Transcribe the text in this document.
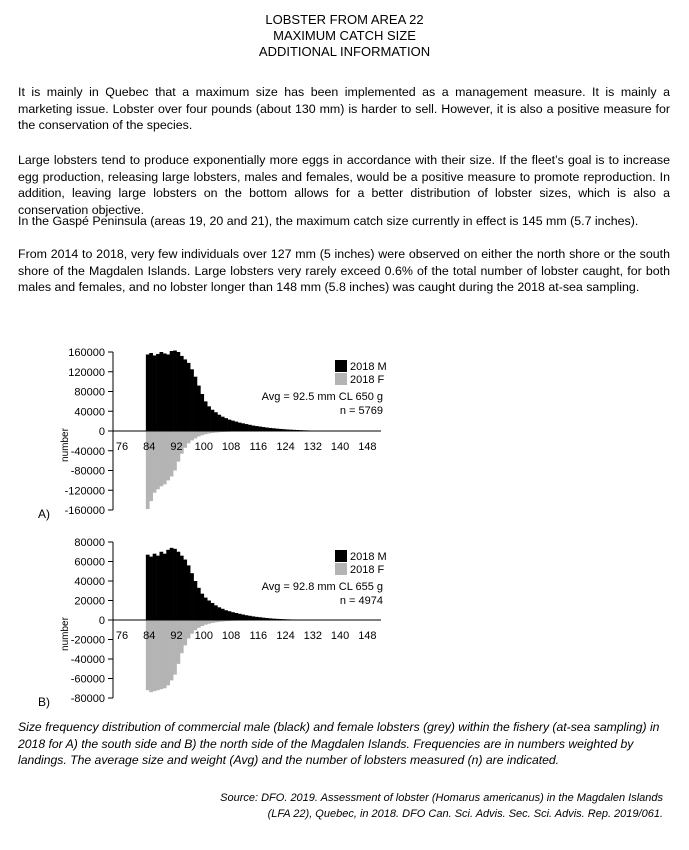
LOBSTER FROM AREA 22
MAXIMUM CATCH SIZE
ADDITIONAL INFORMATION

It is mainly in Quebec that a maximum size has been implemented as a management measure. It is mainly a marketing issue. Lobster over four pounds (about 130 mm) is harder to sell. However, it is also a positive measure for the conservation of the species.

Large lobsters tend to produce exponentially more eggs in accordance with their size. If the fleet’s goal is to increase egg production, releasing large lobsters, males and females, would be a positive measure to promote reproduction. In addition, leaving large lobsters on the bottom allows for a better distribution of lobster sizes, which is also a conservation objective.

In the Gaspé Peninsula (areas 19, 20 and 21), the maximum catch size currently in effect is 145 mm (5.7 inches).

From 2014 to 2018, very few individuals over 127 mm (5 inches) were observed on either the north shore or the south shore of the Magdalen Islands. Large lobsters very rarely exceed 0.6% of the total number of lobster caught, for both males and females, and no lobster longer than 148 mm (5.8 inches) was caught during the 2018 at-sea sampling.

160000
120000
80000
40000
0
-40000
-80000
-120000
-160000
76 84 92 100 108 116 124 132 140 148
number
A)
2018 M
2018 F
Avg = 92.5 mm CL 650 g
n = 5769
80000
60000
40000
20000
0
-20000
-40000
-60000
-80000
76 84 92 100 108 116 124 132 140 148
number
B)
2018 M
2018 F
Avg = 92.8 mm CL 655 g
n = 4974

Size frequency distribution of commercial male (black) and female lobsters (grey) within the fishery (at-sea sampling) in 2018 for A) the south side and B) the north side of the Magdalen Islands. Frequencies are in numbers weighted by landings. The average size and weight (Avg) and the number of lobsters measured (n) are indicated.

Source: DFO. 2019. Assessment of lobster (Homarus americanus) in the Magdalen Islands
(LFA 22), Quebec, in 2018. DFO Can. Sci. Advis. Sec. Sci. Advis. Rep. 2019/061.
